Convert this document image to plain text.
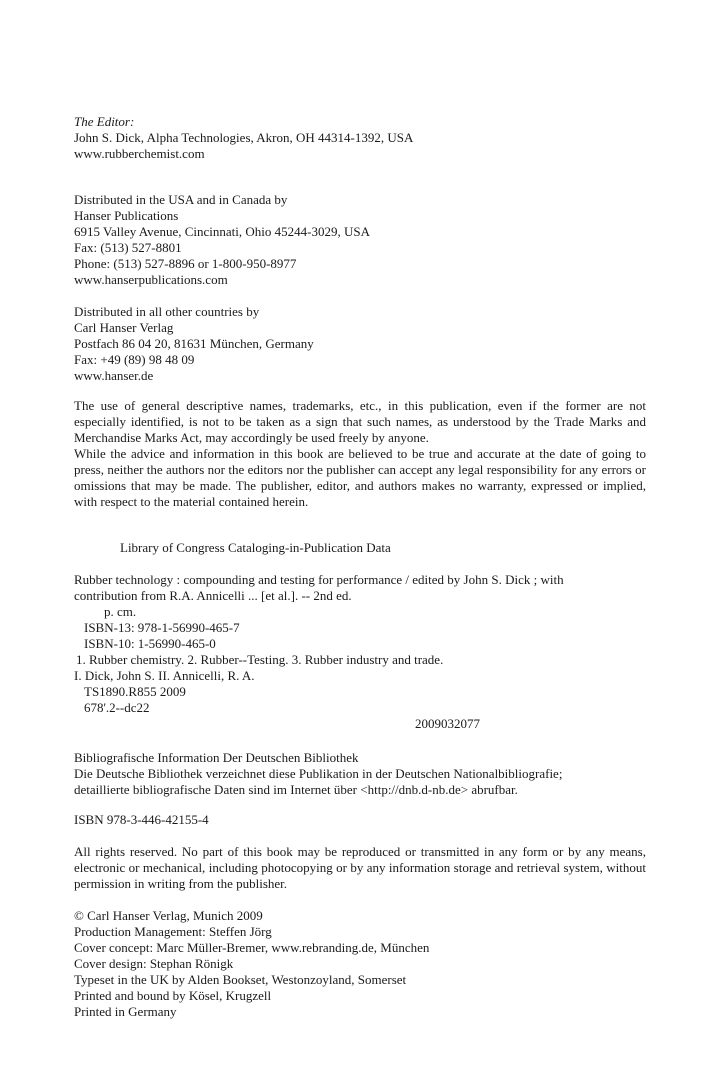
The Editor:
John S. Dick, Alpha Technologies, Akron, OH 44314-1392, USA
www.rubberchemist.com
Distributed in the USA and in Canada by
Hanser Publications
6915 Valley Avenue, Cincinnati, Ohio 45244-3029, USA
Fax: (513) 527-8801
Phone: (513) 527-8896 or 1-800-950-8977
www.hanserpublications.com
Distributed in all other countries by
Carl Hanser Verlag
Postfach 86 04 20, 81631 München, Germany
Fax: +49 (89) 98 48 09
www.hanser.de
The use of general descriptive names, trademarks, etc., in this publication, even if the former are not especially identified, is not to be taken as a sign that such names, as understood by the Trade Marks and Merchandise Marks Act, may accordingly be used freely by anyone.
While the advice and information in this book are believed to be true and accurate at the date of going to press, neither the authors nor the editors nor the publisher can accept any legal responsibility for any errors or omissions that may be made. The publisher, editor, and authors makes no warranty, expressed or implied, with respect to the material contained herein.
Library of Congress Cataloging-in-Publication Data
Rubber technology : compounding and testing for performance / edited by John S. Dick ; with
contribution from R.A. Annicelli ... [et al.]. -- 2nd ed.
p. cm.
ISBN-13: 978-1-56990-465-7
ISBN-10: 1-56990-465-0
1. Rubber chemistry. 2. Rubber--Testing. 3. Rubber industry and trade.
I. Dick, John S. II. Annicelli, R. A.
TS1890.R855 2009
678'.2--dc22
2009032077
Bibliografische Information Der Deutschen Bibliothek
Die Deutsche Bibliothek verzeichnet diese Publikation in der Deutschen Nationalbibliografie;
detaillierte bibliografische Daten sind im Internet über <http://dnb.d-nb.de> abrufbar.
ISBN 978-3-446-42155-4
All rights reserved. No part of this book may be reproduced or transmitted in any form or by any means, electronic or mechanical, including photocopying or by any information storage and retrieval system, without permission in writing from the publisher.
© Carl Hanser Verlag, Munich 2009
Production Management: Steffen Jörg
Cover concept: Marc Müller-Bremer, www.rebranding.de, München
Cover design: Stephan Rönigk
Typeset in the UK by Alden Bookset, Westonzoyland, Somerset
Printed and bound by Kösel, Krugzell
Printed in Germany
